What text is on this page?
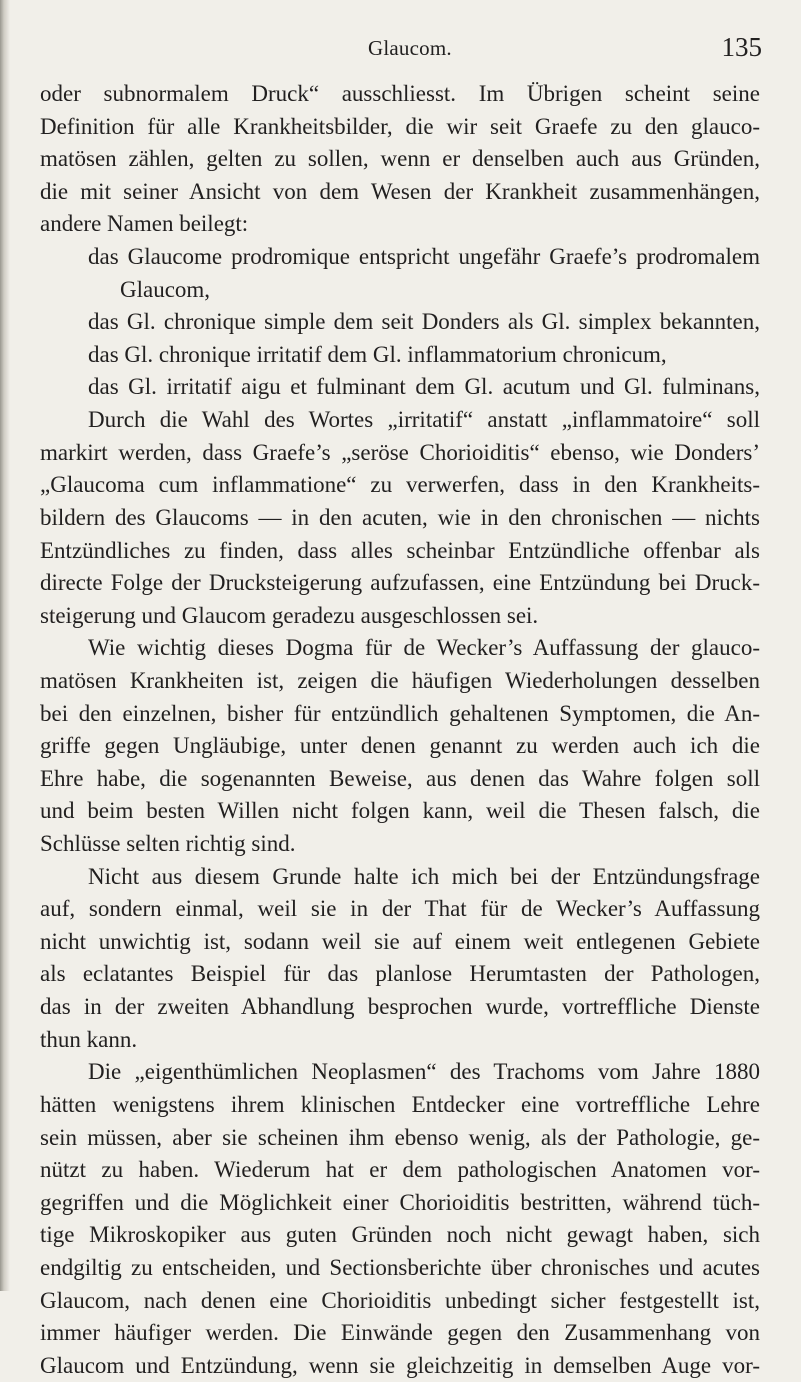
Glaucom.	135
oder subnormalem Druck“ ausschliesst. Im Übrigen scheint seine
Definition für alle Krankheitsbilder, die wir seit Graefe zu den glauco-
matösen zählen, gelten zu sollen, wenn er denselben auch aus Gründen,
die mit seiner Ansicht von dem Wesen der Krankheit zusammenhängen,
andere Namen beilegt:
das Glaucome prodromique entspricht ungefähr Graefe’s prodromalem
Glaucom,
das Gl. chronique simple dem seit Donders als Gl. simplex bekannten,
das Gl. chronique irritatif dem Gl. inflammatorium chronicum,
das Gl. irritatif aigu et fulminant dem Gl. acutum und Gl. fulminans,
Durch die Wahl des Wortes „irritatif“ anstatt „inflammatoire“ soll
markirt werden, dass Graefe’s „seröse Chorioiditis“ ebenso, wie Donders’
„Glaucoma cum inflammatione“ zu verwerfen, dass in den Krankheits-
bildern des Glaucoms — in den acuten, wie in den chronischen — nichts
Entzündliches zu finden, dass alles scheinbar Entzündliche offenbar als
directe Folge der Drucksteigerung aufzufassen, eine Entzündung bei Druck-
steigerung und Glaucom geradezu ausgeschlossen sei.
Wie wichtig dieses Dogma für de Wecker’s Auffassung der glauco-
matösen Krankheiten ist, zeigen die häufigen Wiederholungen desselben
bei den einzelnen, bisher für entzündlich gehaltenen Symptomen, die An-
griffe gegen Ungläubige, unter denen genannt zu werden auch ich die
Ehre habe, die sogenannten Beweise, aus denen das Wahre folgen soll
und beim besten Willen nicht folgen kann, weil die Thesen falsch, die
Schlüsse selten richtig sind.
Nicht aus diesem Grunde halte ich mich bei der Entzündungsfrage
auf, sondern einmal, weil sie in der That für de Wecker’s Auffassung
nicht unwichtig ist, sodann weil sie auf einem weit entlegenen Gebiete
als eclatantes Beispiel für das planlose Herumtasten der Pathologen,
das in der zweiten Abhandlung besprochen wurde, vortreffliche Dienste
thun kann.
Die „eigenthümlichen Neoplasmen“ des Trachoms vom Jahre 1880
hätten wenigstens ihrem klinischen Entdecker eine vortreffliche Lehre
sein müssen, aber sie scheinen ihm ebenso wenig, als der Pathologie, ge-
nützt zu haben. Wiederum hat er dem pathologischen Anatomen vor-
gegriffen und die Möglichkeit einer Chorioiditis bestritten, während tüch-
tige Mikroskopiker aus guten Gründen noch nicht gewagt haben, sich
endgiltig zu entscheiden, und Sectionsberichte über chronisches und acutes
Glaucom, nach denen eine Chorioiditis unbedingt sicher festgestellt ist,
immer häufiger werden. Die Einwände gegen den Zusammenhang von
Glaucom und Entzündung, wenn sie gleichzeitig in demselben Auge vor-
